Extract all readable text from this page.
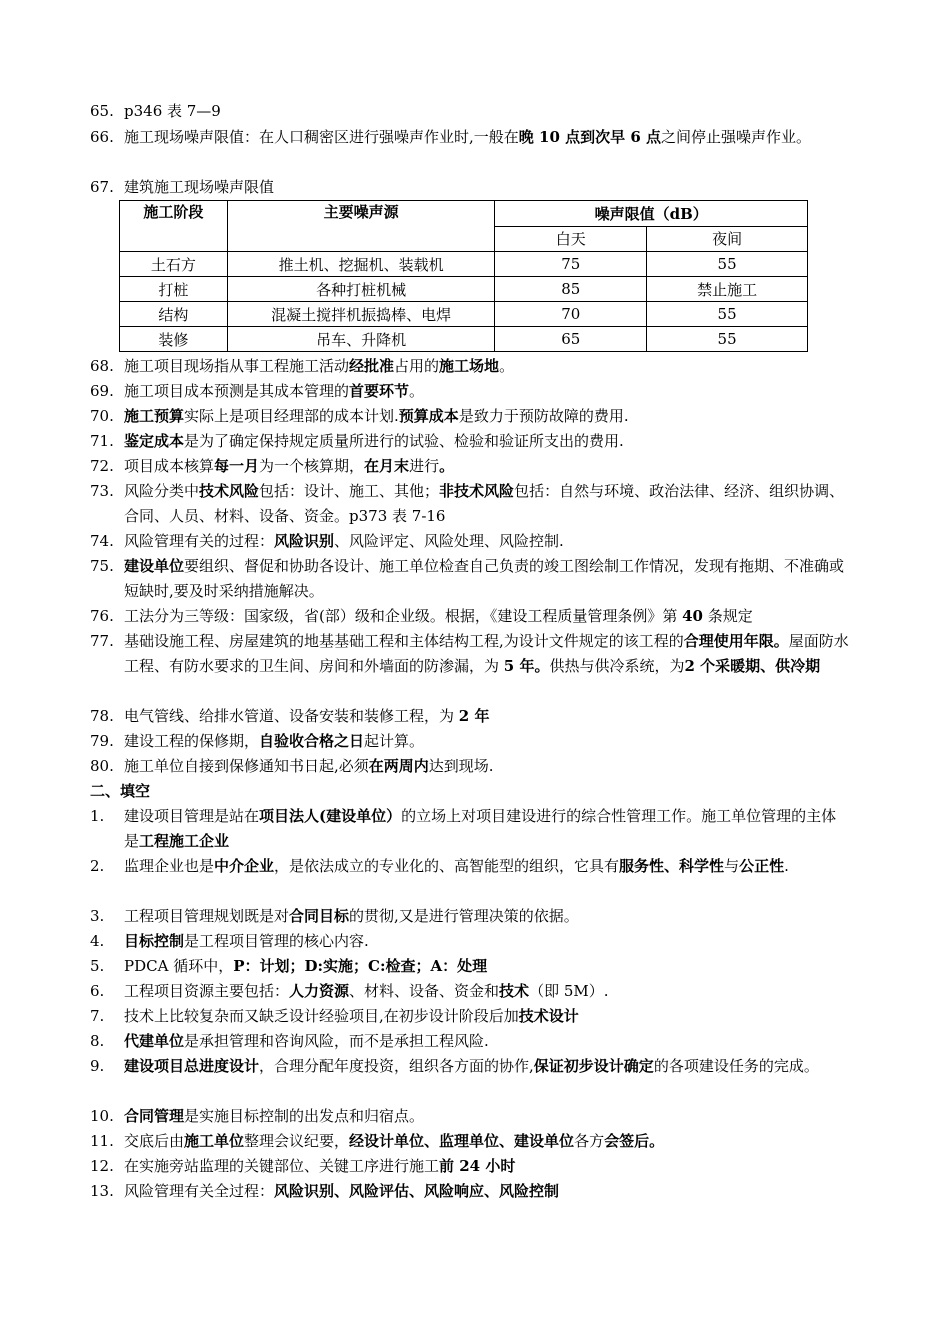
65. p346 表 7—9
66. 施工现场噪声限值：在人口稠密区进行强噪声作业时,一般在晚 10 点到次早 6 点之间停止强噪声作业。
67. 建筑施工现场噪声限值
施工阶段	主要噪声源	噪声限值（dB）	
		白天	夜间
土石方	推土机、挖掘机、装载机	75	55
打桩	各种打桩机械	85	禁止施工
结构	混凝土搅拌机振捣棒、电焊	70	55
装修	吊车、升降机	65	55
68. 施工项目现场指从事工程施工活动经批准占用的施工场地。
69. 施工项目成本预测是其成本管理的首要环节。
70. 施工预算实际上是项目经理部的成本计划.预算成本是致力于预防故障的费用.
71. 鉴定成本是为了确定保持规定质量所进行的试验、检验和验证所支出的费用.
72. 项目成本核算每一月为一个核算期，在月末进行。
73. 风险分类中技术风险包括：设计、施工、其他；非技术风险包括：自然与环境、政治法律、经济、组织协调、合同、人员、材料、设备、资金。p373 表 7-16
74. 风险管理有关的过程：风险识别、风险评定、风险处理、风险控制.
75. 建设单位要组织、督促和协助各设计、施工单位检查自己负责的竣工图绘制工作情况，发现有拖期、不准确或短缺时,要及时采纳措施解决。
76. 工法分为三等级：国家级，省(部）级和企业级。根据，《建设工程质量管理条例》第 40 条规定
77. 基础设施工程、房屋建筑的地基基础工程和主体结构工程,为设计文件规定的该工程的合理使用年限。屋面防水工程、有防水要求的卫生间、房间和外墙面的防渗漏，为 5 年。供热与供冷系统，为2 个采暖期、供冷期
78. 电气管线、给排水管道、设备安装和装修工程，为 2 年
79. 建设工程的保修期，自验收合格之日起计算。
80. 施工单位自接到保修通知书日起,必须在两周内达到现场.
二、填空
1.	建设项目管理是站在项目法人(建设单位）的立场上对项目建设进行的综合性管理工作。施工单位管理的主体是工程施工企业
2.	监理企业也是中介企业，是依法成立的专业化的、高智能型的组织，它具有服务性、科学性与公正性.
3.	工程项目管理规划既是对合同目标的贯彻,又是进行管理决策的依据。
4.	目标控制是工程项目管理的核心内容.
5.	PDCA 循环中，P：计划；D:实施；C:检查；A：处理
6.	工程项目资源主要包括：人力资源、材料、设备、资金和技术（即 5M）.
7.	技术上比较复杂而又缺乏设计经验项目,在初步设计阶段后加技术设计
8.	代建单位是承担管理和咨询风险，而不是承担工程风险.
9.	建设项目总进度设计，合理分配年度投资，组织各方面的协作,保证初步设计确定的各项建设任务的完成。
10. 合同管理是实施目标控制的出发点和归宿点。
11. 交底后由施工单位整理会议纪要，经设计单位、监理单位、建设单位各方会签后。
12. 在实施旁站监理的关键部位、关键工序进行施工前 24 小时
13. 风险管理有关全过程：风险识别、风险评估、风险响应、风险控制
